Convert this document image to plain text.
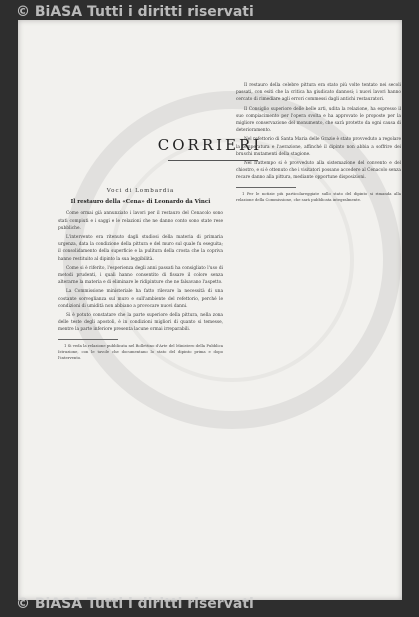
CORRIERI
Voci di Lombardia
Il restauro della «Cena» di Leonardo da Vinci

Come ormai già annunziato i lavori per il restauro del Cenacolo sono stati compiuti e i saggi e le relazioni che ne danno conto sono state rese pubbliche.

L'intervento era ritenuto dagli studiosi della materia di primaria urgenza, data la condizione della pittura e del muro sul quale fu eseguita; il consolidamento della superficie e la pulitura della crosta che la copriva hanno restituito al dipinto la sua leggibilità.

Come si è riferito, l'esperienza degli anni passati ha consigliato l'uso di metodi prudenti, i quali hanno consentito di fissare il colore senza alterarne la materia e di eliminare le ridipinture che ne falsavano l'aspetto.

La Commissione ministeriale ha fatto rilevare la necessità di una costante sorveglianza sul muro e sull'ambiente del refettorio, perché le condizioni di umidità non abbiano a provocare nuovi danni.

Si è potuto constatare che la parte superiore della pittura, nella zona delle teste degli apostoli, è in condizioni migliori di quanto si temesse, mentre la parte inferiore presenta lacune ormai irreparabili.

1 Si veda la relazione pubblicata nel Bollettino d'Arte del Ministero della Pubblica Istruzione, con le tavole che documentano lo stato del dipinto prima e dopo l'intervento.

Il restauro della celebre pittura era stato più volte tentato nei secoli passati, con esiti che la critica ha giudicato dannosi; i nuovi lavori hanno cercato di rimediare agli errori commessi dagli antichi restauratori.

Il Consiglio superiore delle belle arti, udita la relazione, ha espresso il suo compiacimento per l'opera svolta e ha approvato le proposte per la migliore conservazione del monumento, che sarà protetto da ogni causa di deterioramento.

Nel refettorio di Santa Maria delle Grazie è stato provveduto a regolare la temperatura e l'aerazione, affinché il dipinto non abbia a soffrire dei bruschi mutamenti della stagione.

Nel frattempo si è provveduto alla sistemazione del convento e del chiostro, e si è ottenuto che i visitatori possano accedere al Cenacolo senza recare danno alla pittura, mediante opportune disposizioni.

1 Per le notizie più particolareggiate sullo stato del dipinto si rimanda alla relazione della Commissione, che sarà pubblicata integralmente.

© BiASA Tutti i diritti riservati
© BiASA Tutti i diritti riservati
